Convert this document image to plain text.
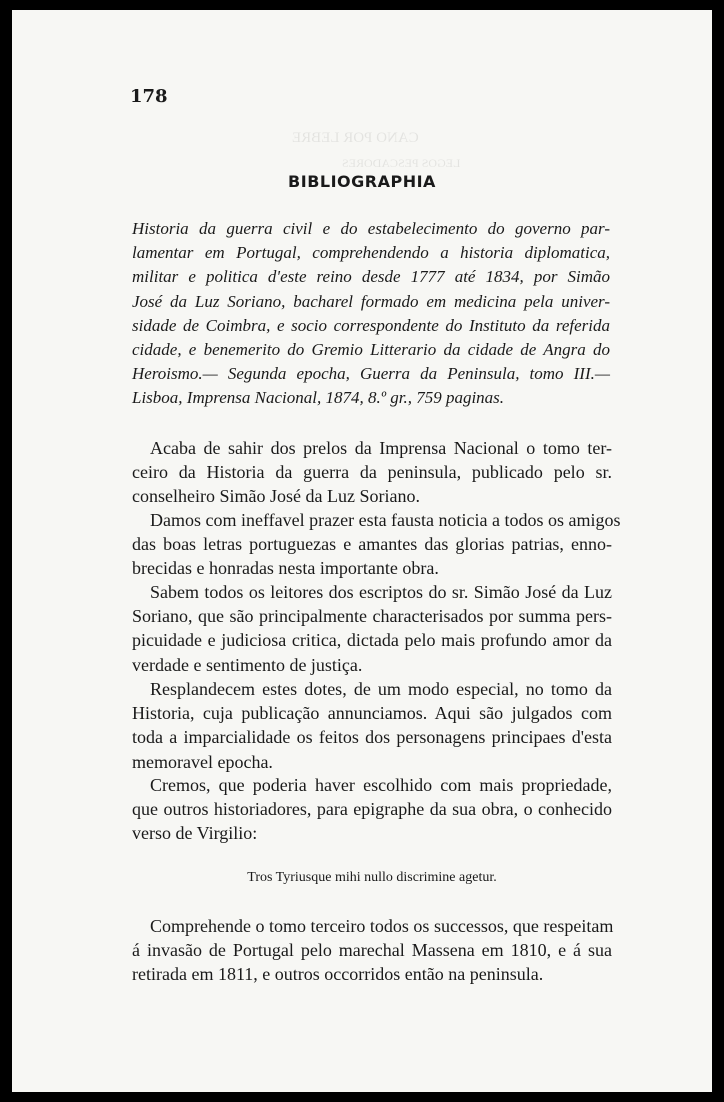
CANO POR LEBRE
LEGOS PESCADORES

178

BIBLIOGRAPHIA

Historia da guerra civil e do estabelecimento do governo par-
lamentar em Portugal, comprehendendo a historia diplomatica,
militar e politica d'este reino desde 1777 até 1834, por Simão
José da Luz Soriano, bacharel formado em medicina pela univer-
sidade de Coimbra, e socio correspondente do Instituto da referida
cidade, e benemerito do Gremio Litterario da cidade de Angra do
Heroismo.— Segunda epocha, Guerra da Peninsula, tomo III.—
Lisboa, Imprensa Nacional, 1874, 8.º gr., 759 paginas.

Acaba de sahir dos prelos da Imprensa Nacional o tomo ter-
ceiro da Historia da guerra da peninsula, publicado pelo sr.
conselheiro Simão José da Luz Soriano.

Damos com ineffavel prazer esta fausta noticia a todos os amigos
das boas letras portuguezas e amantes das glorias patrias, enno-
brecidas e honradas nesta importante obra.

Sabem todos os leitores dos escriptos do sr. Simão José da Luz
Soriano, que são principalmente characterisados por summa pers-
picuidade e judiciosa critica, dictada pelo mais profundo amor da
verdade e sentimento de justiça.

Resplandecem estes dotes, de um modo especial, no tomo da
Historia, cuja publicação annunciamos. Aqui são julgados com
toda a imparcialidade os feitos dos personagens principaes d'esta
memoravel epocha.

Cremos, que poderia haver escolhido com mais propriedade,
que outros historiadores, para epigraphe da sua obra, o conhecido
verso de Virgilio:

Tros Tyriusque mihi nullo discrimine agetur.

Comprehende o tomo terceiro todos os successos, que respeitam
á invasão de Portugal pelo marechal Massena em 1810, e á sua
retirada em 1811, e outros occorridos então na peninsula.
